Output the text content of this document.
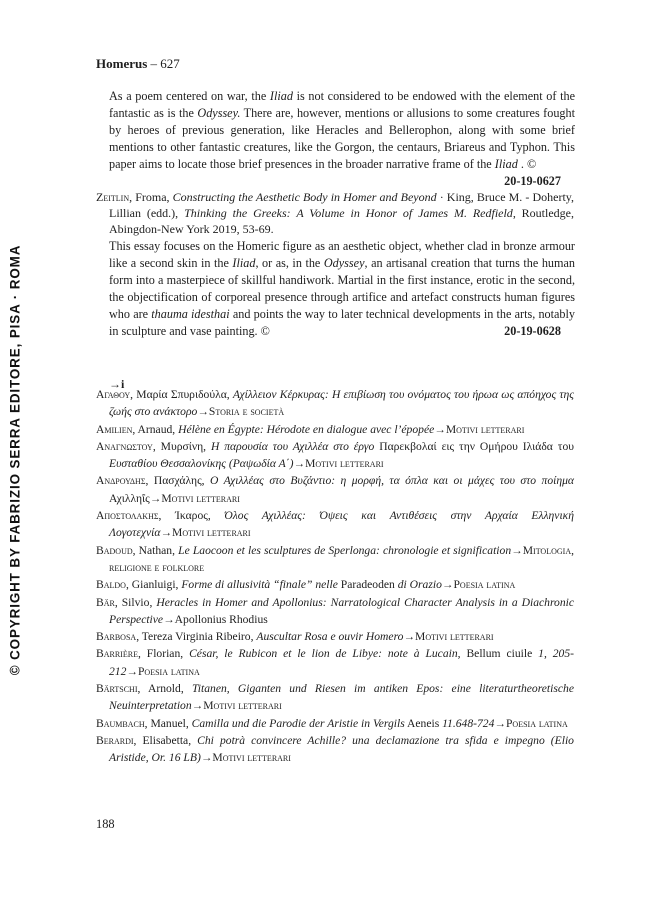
© COPYRIGHT BY FABRIZIO SERRA EDITORE, PISA · ROMA
Homerus – 627
As a poem centered on war, the Iliad is not considered to be endowed with the element of the fantastic as is the Odyssey. There are, however, mentions or allusions to some creatures fought by heroes of previous generation, like Heracles and Bellerophon, along with some brief mentions to other fantastic creatures, like the Gorgon, the centaurs, Briareus and Typhon. This paper aims to locate those brief presences in the broader narrative frame of the Iliad . ©
20-19-0627
Zeitlin, Froma, Constructing the Aesthetic Body in Homer and Beyond · King, Bruce M. - Doherty, Lillian (edd.), Thinking the Greeks: A Volume in Honor of James M. Redfield, Routledge, Abingdon-New York 2019, 53-69.
This essay focuses on the Homeric figure as an aesthetic object, whether clad in bronze armour like a second skin in the Iliad, or as, in the Odyssey, an artisanal creation that turns the human form into a masterpiece of skillful handiwork. Martial in the first instance, erotic in the second, the objectification of corporeal presence through artifice and artefact constructs human figures who are thauma idesthai and points the way to later technical developments in the arts, notably in sculpture and vase painting. ©	20-19-0628
→i
Αγαθου, Μαρία Σπυριδούλα, Αχίλλειον Κέρκυρας: Η επιβίωση του ονόματος του ήρωα ως απόηχος της ζωής στο ανάκτορο→Storia e società
Amilien, Arnaud, Hélène en Égypte: Hérodote en dialogue avec l’épopée→Motivi letterari
Αναγνωστου, Μυρσίνη, Η παρουσία του Αχιλλέα στο έργο Παρεκβολαί εις την Ομήρου Ιλιάδα του Ευσταθίου Θεσσαλονίκης (Ραψωδία Α΄)→Motivi letterari
Ανδρουδης, Πασχάλης, Ο Αχιλλέας στο Βυζάντιο: η μορφή, τα όπλα και οι μάχες του στο ποίημα Αχιλληΐς→Motivi letterari
Αποστολακης, Ίκαρος, Όλος Αχιλλέας: Όψεις και Αντιθέσεις στην Αρχαία Ελληνική Λογοτεχνία→Motivi letterari
Badoud, Nathan, Le Laocoon et les sculptures de Sperlonga: chronologie et signification→Mitologia, religione e folklore
Baldo, Gianluigi, Forme di allusività “finale” nelle Paradeoden di Orazio→Poesia latina
Bär, Silvio, Heracles in Homer and Apollonius: Narratological Character Analysis in a Diachronic Perspective→Apollonius Rhodius
Barbosa, Tereza Virginia Ribeiro, Auscultar Rosa e ouvir Homero→Motivi letterari
Barrière, Florian, César, le Rubicon et le lion de Libye: note à Lucain, Bellum ciuile 1, 205-212→Poesia latina
Bärtschi, Arnold, Titanen, Giganten und Riesen im antiken Epos: eine literaturtheoretische Neuinterpretation→Motivi letterari
Baumbach, Manuel, Camilla und die Parodie der Aristie in Vergils Aeneis 11.648-724→Poesia latina
Berardi, Elisabetta, Chi potrà convincere Achille? una declamazione tra sfida e impegno (Elio Aristide, Or. 16 LB)→Motivi letterari
188
